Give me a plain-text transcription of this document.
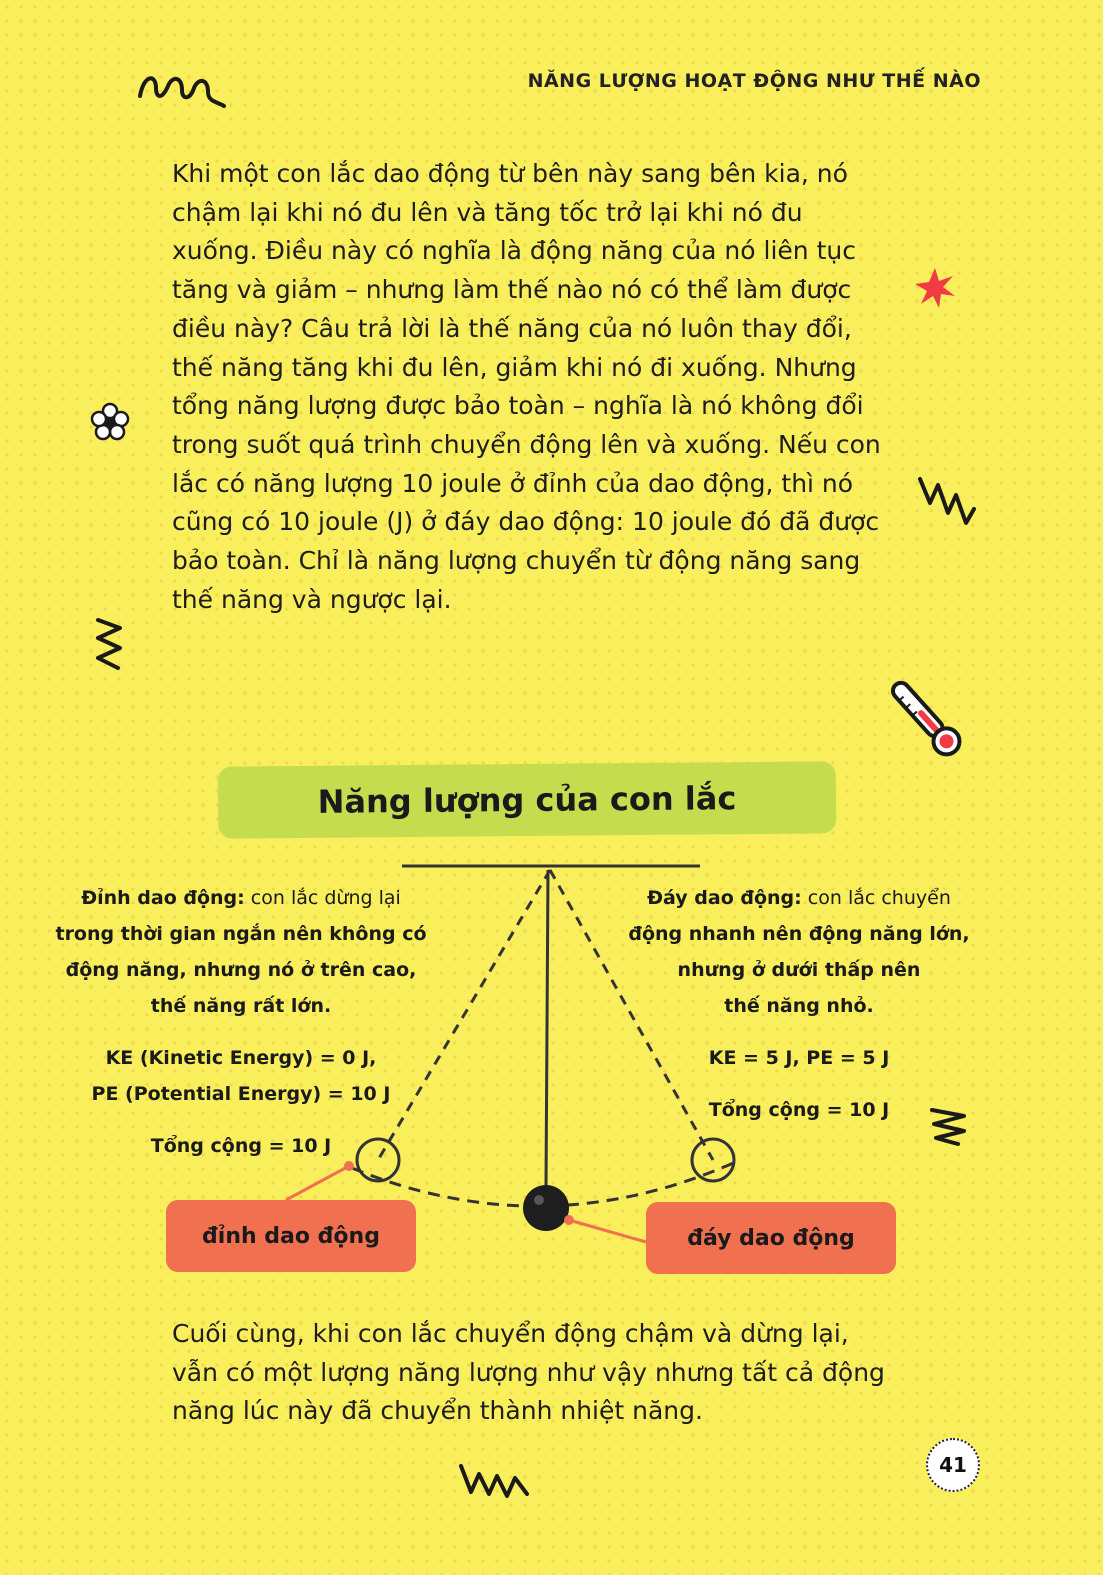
NĂNG LƯỢNG HOẠT ĐỘNG NHƯ THẾ NÀO
Khi một con lắc dao động từ bên này sang bên kia, nó chậm lại khi nó đu lên và tăng tốc trở lại khi nó đu xuống. Điều này có nghĩa là động năng của nó liên tục tăng và giảm – nhưng làm thế nào nó có thể làm được điều này? Câu trả lời là thế năng của nó luôn thay đổi, thế năng tăng khi đu lên, giảm khi nó đi xuống. Nhưng tổng năng lượng được bảo toàn – nghĩa là nó không đổi trong suốt quá trình chuyển động lên và xuống. Nếu con lắc có năng lượng 10 joule ở đỉnh của dao động, thì nó cũng có 10 joule (J) ở đáy dao động: 10 joule đó đã được bảo toàn. Chỉ là năng lượng chuyển từ động năng sang thế năng và ngược lại.
Năng lượng của con lắc
Đỉnh dao động: con lắc dừng lại
trong thời gian ngắn nên không có
động năng, nhưng nó ở trên cao,
thế năng rất lớn.
KE (Kinetic Energy) = 0 J,
PE (Potential Energy) = 10 J
Tổng cộng = 10 J
Đáy dao động: con lắc chuyển
động nhanh nên động năng lớn,
nhưng ở dưới thấp nên
thế năng nhỏ.
KE = 5 J, PE = 5 J
Tổng cộng = 10 J
đỉnh dao động	đáy dao động
Cuối cùng, khi con lắc chuyển động chậm và dừng lại, vẫn có một lượng năng lượng như vậy nhưng tất cả động năng lúc này đã chuyển thành nhiệt năng.
41
